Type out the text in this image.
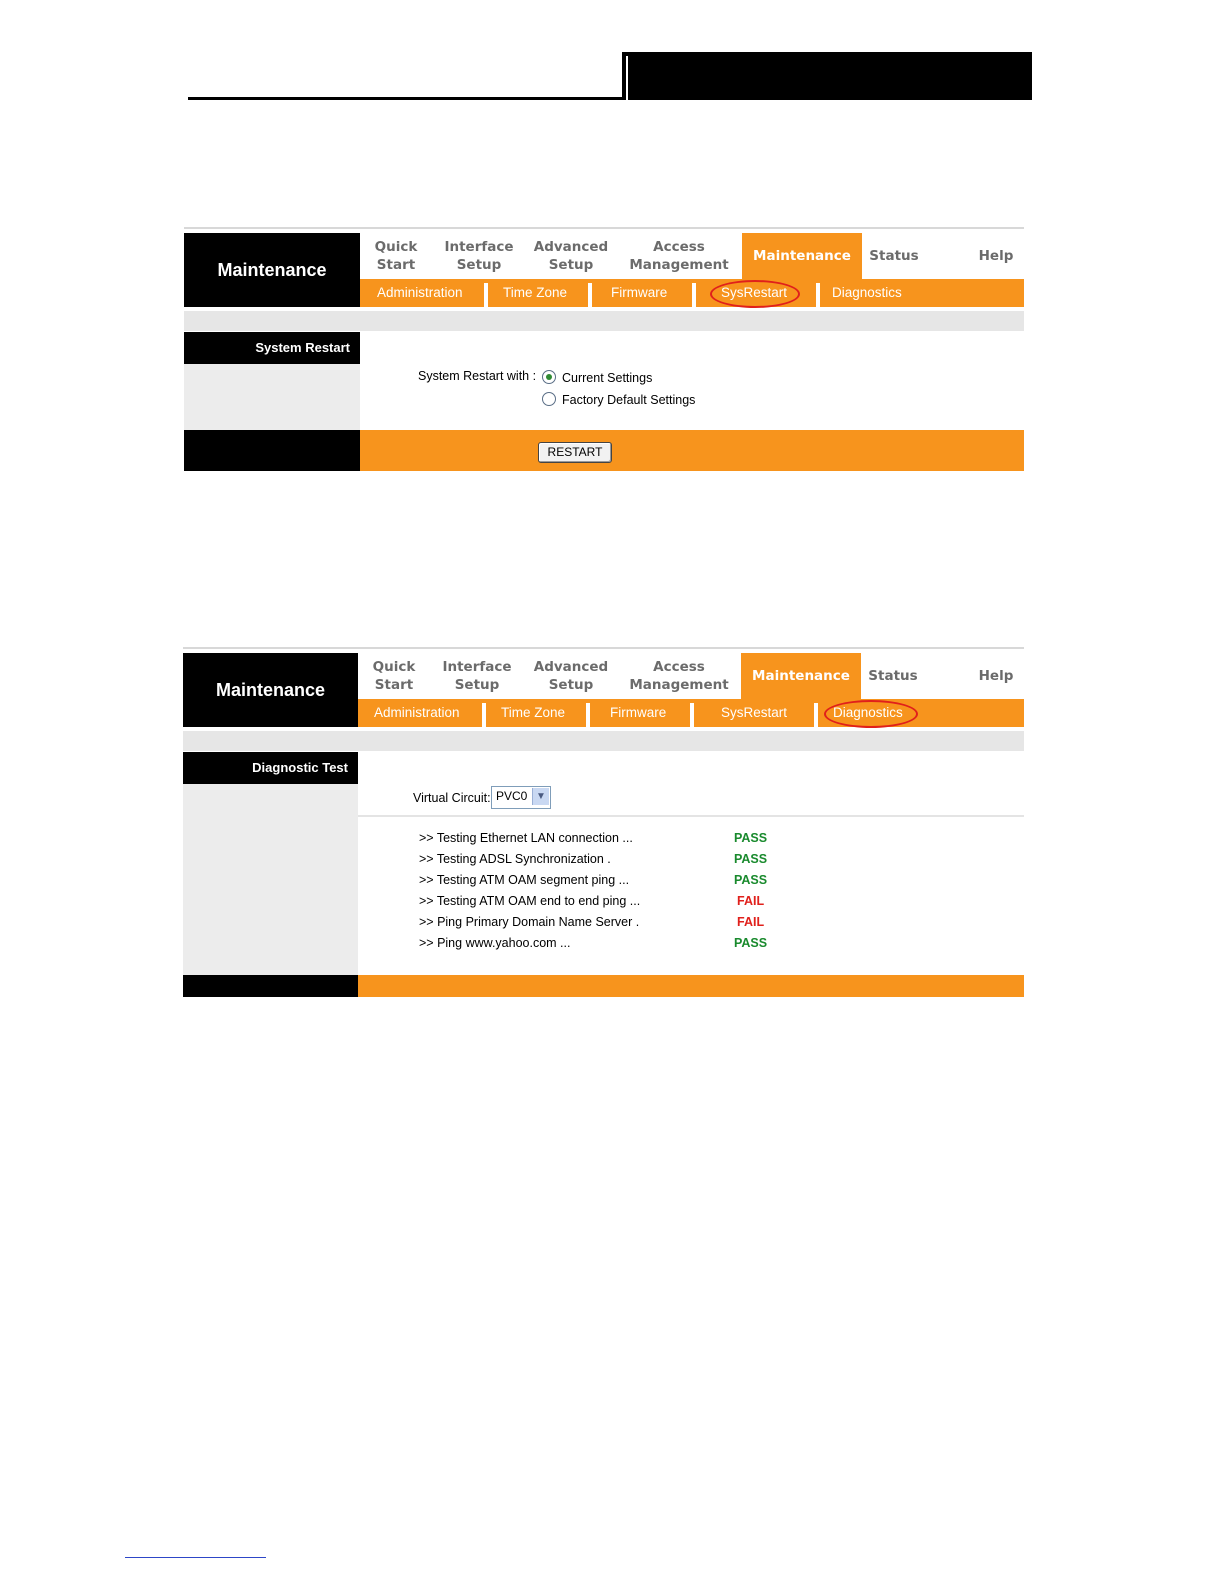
Maintenance
Quick
Start
Interface
Setup
Advanced
Setup
Access
Management
Maintenance Status	Help
Administration	Time Zone	Firmware	SysRestart	Diagnostics
System Restart
System Restart with : Current Settings
Factory Default Settings
RESTART
Maintenance
Quick
Start
Interface
Setup
Advanced
Setup
Access
Management
Maintenance Status	Help
Administration	Time Zone	Firmware	SysRestart	Diagnostics
Diagnostic Test
Virtual Circuit: PVC0 ▼
>> Testing Ethernet LAN connection ...	PASS
>> Testing ADSL Synchronization .	PASS
>> Testing ATM OAM segment ping ...	PASS
>> Testing ATM OAM end to end ping ...	FAIL
>> Ping Primary Domain Name Server .	FAIL
>> Ping www.yahoo.com ...	PASS
